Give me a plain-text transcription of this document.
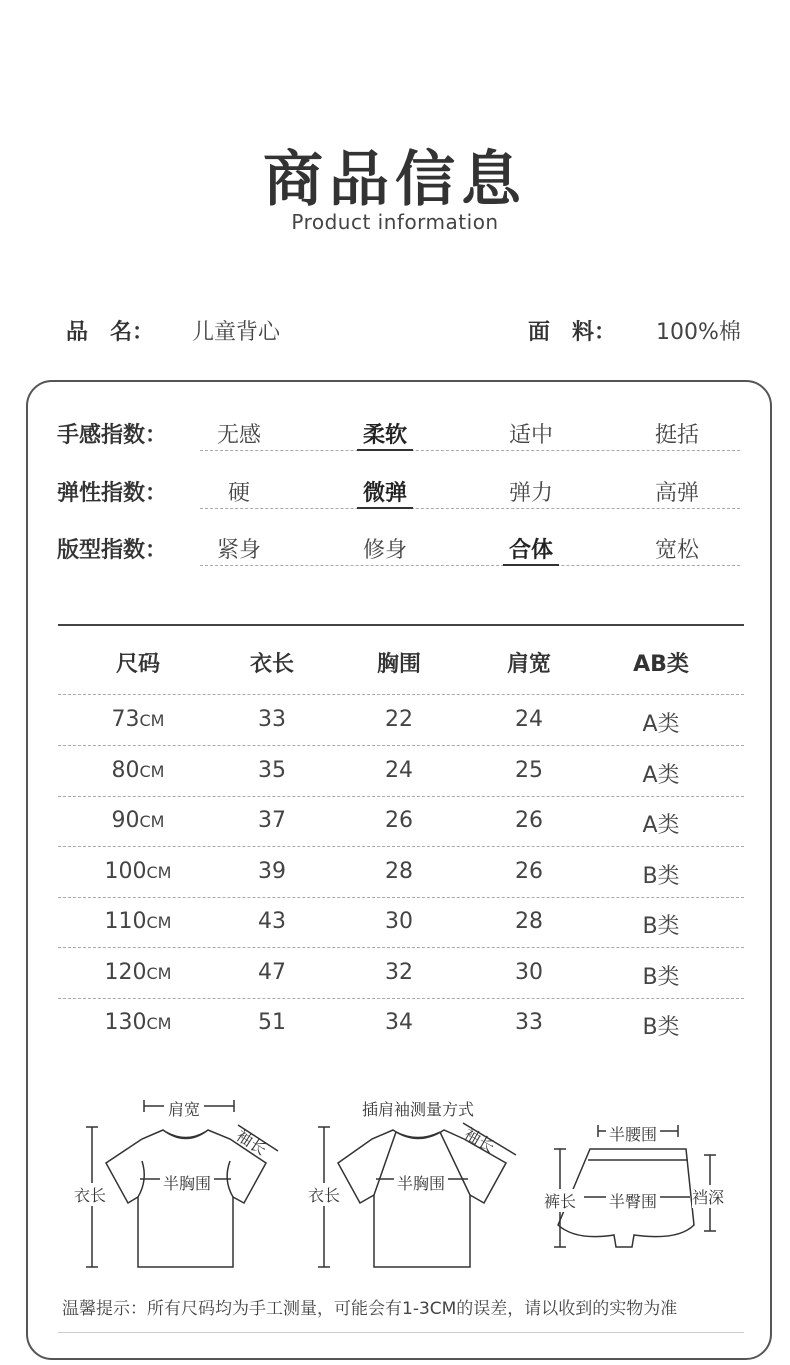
商品信息
Product information
品　名： 儿童背心	面　料： 100%棉
手感指数：	无感	柔软	适中	挺括
弹性指数：	硬	微弹	弹力	高弹
版型指数：	紧身	修身	合体	宽松
尺码	衣长	胸围	肩宽	AB类
73CM	33	22	24	A类
80CM	35	24	25	A类
90CM	37	26	26	A类
100CM	39	28	26	B类
110CM	43	30	28	B类
120CM	47	32	30	B类
130CM	51	34	33	B类
肩宽
袖长
衣长
半胸围
插肩袖测量方式
袖长
衣长
半胸围
半腰围
裤长 半臀围 裆深
温馨提示：所有尺码均为手工测量，可能会有1-3CM的误差，请以收到的实物为准
